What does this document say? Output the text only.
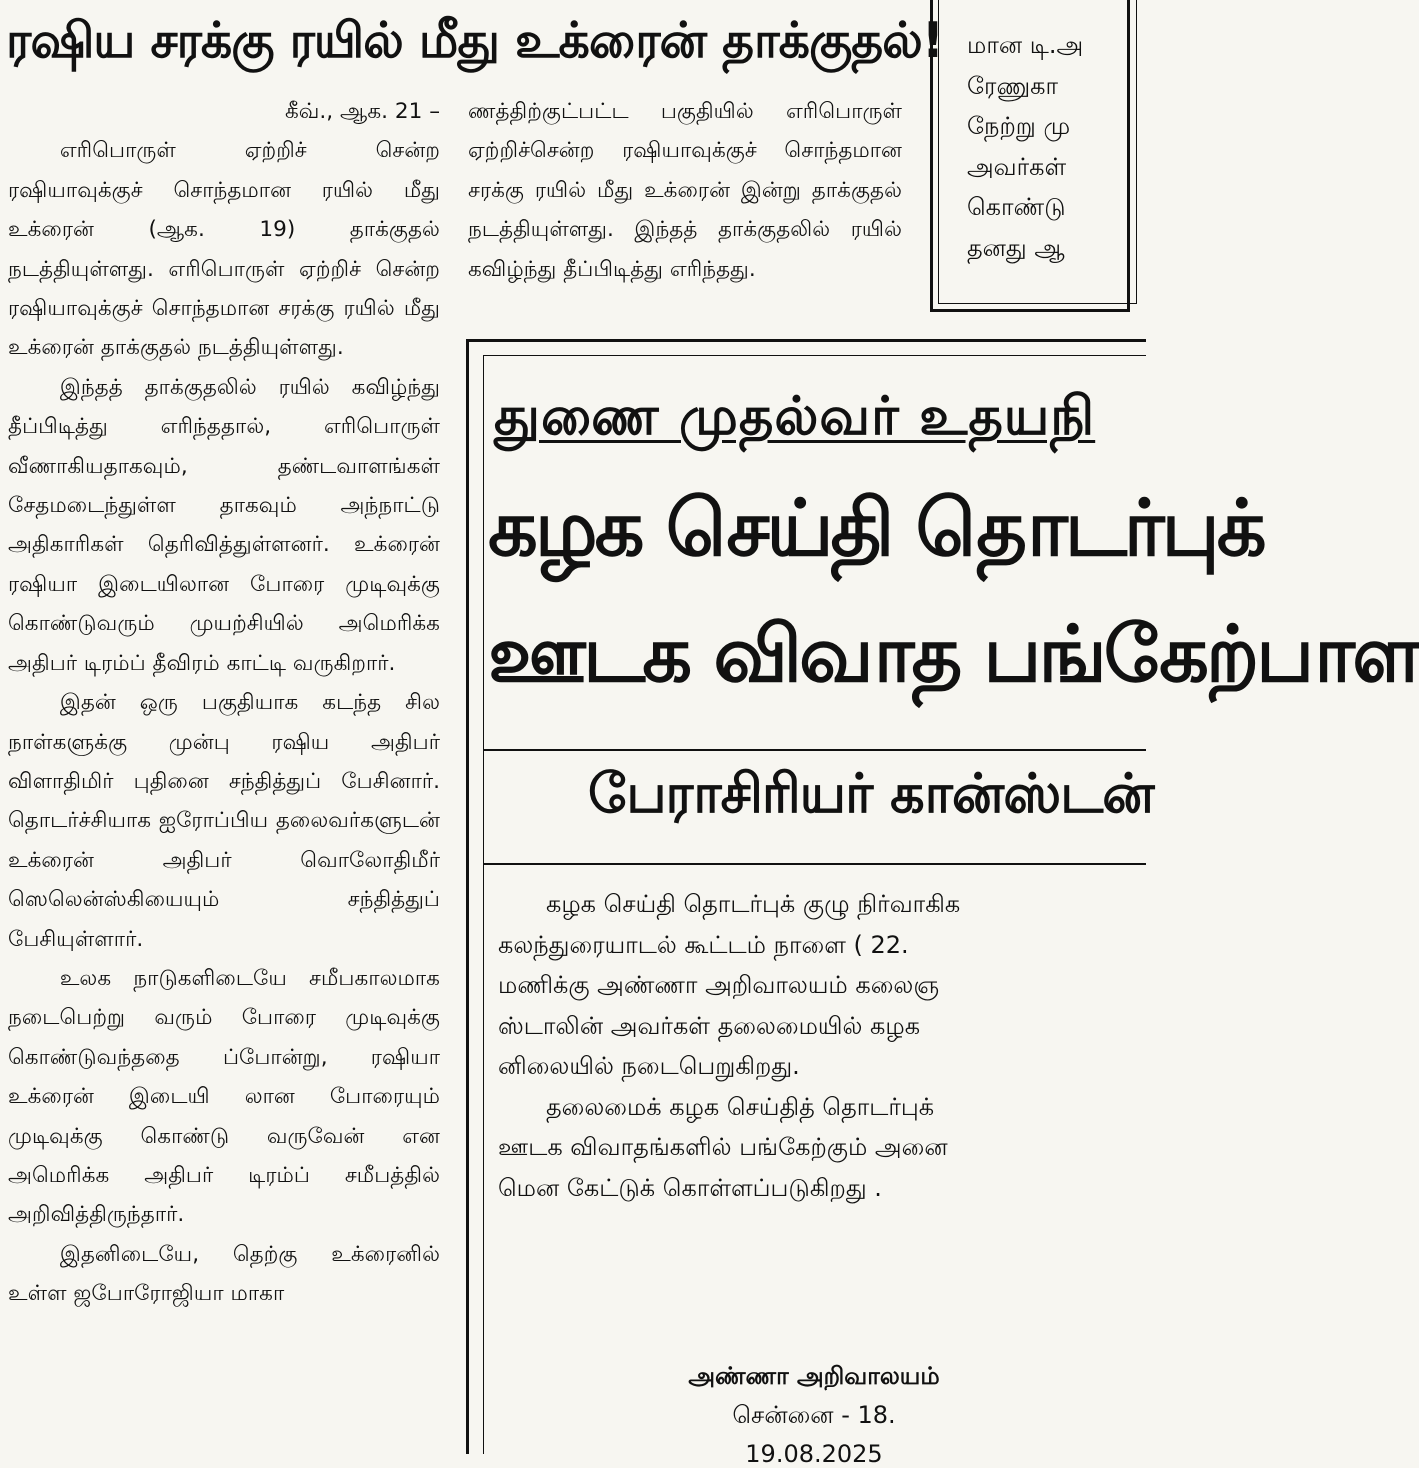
ரஷிய சரக்கு ரயில் மீது உக்ரைன் தாக்குதல்!

கீவ்., ஆக. 21 –

எரிபொருள் ஏற்றிச் சென்ற ரஷியாவுக்குச் சொந்தமான ரயில் மீது உக்ரைன் (ஆக. 19) தாக்குதல் நடத்தியுள்ளது. எரிபொருள் ஏற்றிச் சென்ற ரஷியாவுக்குச் சொந்தமான சரக்கு ரயில் மீது உக்ரைன் தாக்குதல் நடத்தியுள்ளது.

இந்தத் தாக்குதலில் ரயில் கவிழ்ந்து தீப்பிடித்து எரிந்ததால், எரிபொருள் வீணாகியதாகவும், தண்டவாளங்கள் சேதமடைந்துள்ள தாகவும் அந்நாட்டு அதிகாரிகள் தெரிவித்துள்ளனர். உக்ரைன் ரஷியா இடையிலான போரை முடிவுக்கு கொண்டுவரும் முயற்சியில் அமெரிக்க அதிபர் டிரம்ப் தீவிரம் காட்டி வருகிறார்.

இதன் ஒரு பகுதியாக கடந்த சில நாள்களுக்கு முன்பு ரஷிய அதிபர் விளாதிமிர் புதினை சந்தித்துப் பேசினார். தொடர்ச்சியாக ஐரோப்பிய தலைவர்களுடன் உக்ரைன் அதிபர் வொலோதிமீர் ஸெலென்ஸ்கியையும் சந்தித்துப் பேசியுள்ளார்.

உலக நாடுகளிடையே சமீபகாலமாக நடைபெற்று வரும் போரை முடிவுக்கு கொண்டுவந்ததை ப்போன்று, ரஷியா உக்ரைன் இடையி லான போரையும் முடிவுக்கு கொண்டு வருவேன் என அமெரிக்க அதிபர் டிரம்ப் சமீபத்தில் அறிவித்திருந்தார்.

இதனிடையே, தெற்கு உக்ரைனில் உள்ள ஜபோரோஜியா மாகா

ணத்திற்குட்பட்ட பகுதியில் எரிபொருள் ஏற்றிச்சென்ற ரஷியாவுக்குச் சொந்தமான சரக்கு ரயில் மீது உக்ரைன் இன்று தாக்குதல் நடத்தியுள்ளது. இந்தத் தாக்குதலில் ரயில் கவிழ்ந்து தீப்பிடித்து எரிந்தது.

மான டி.அ
ரேணுகா
நேற்று மு
அவர்கள்
கொண்டு
தனது ஆ
துணை முதல்வர் உதயநி
கழக செய்தி தொடர்புக்
ஊடக விவாத பங்கேற்பாள
பேராசிரியர் கான்ஸ்டன்

கழக செய்தி தொடர்புக் குழு நிர்வாகிக

கலந்துரையாடல் கூட்டம் நாளை ( 22.

மணிக்கு அண்ணா அறிவாலயம் கலைஞ

ஸ்டாலின் அவர்கள் தலைமையில் கழக

னிலையில் நடைபெறுகிறது.

தலைமைக் கழக செய்தித் தொடர்புக்

ஊடக விவாதங்களில் பங்கேற்கும் அனை

மென கேட்டுக் கொள்ளப்படுகிறது .

அண்ணா அறிவாலயம்
சென்னை - 18.
19.08.2025
